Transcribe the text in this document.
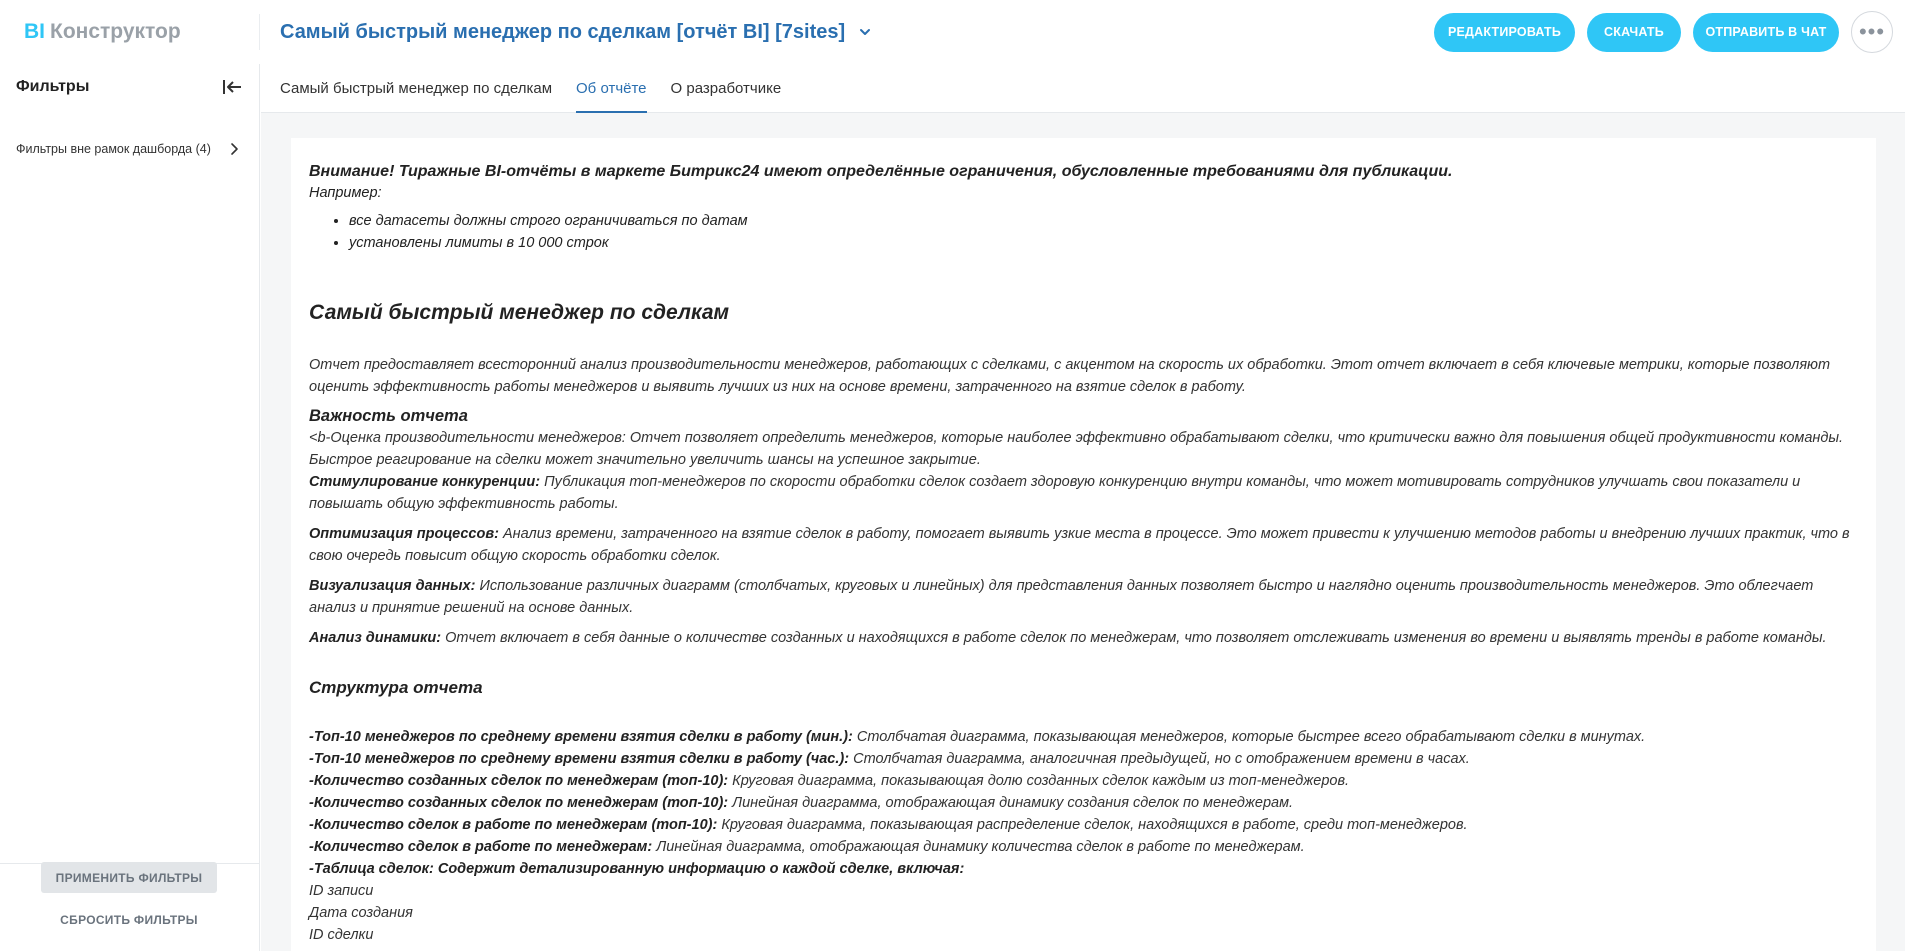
BI Конструктор	Самый быстрый менеджер по сделкам [отчёт BI] [7sites]	РЕДАКТИРОВАТЬ	СКАЧАТЬ	ОТПРАВИТЬ В ЧАТ	•••
Фильтры
Фильтры вне рамок дашборда (4)
ПРИМЕНИТЬ ФИЛЬТРЫ
СБРОСИТЬ ФИЛЬТРЫ
Самый быстрый менеджер по сделкам Об отчёте О разработчике
Внимание! Тиражные BI-отчёты в маркете Битрикс24 имеют определённые ограничения, обусловленные требованиями для публикации.
Например:
• все датасеты должны строго ограничиваться по датам
• установлены лимиты в 10 000 строк
Самый быстрый менеджер по сделкам
Отчет предоставляет всесторонний анализ производительности менеджеров, работающих с сделками, с акцентом на скорость их обработки. Этот отчет включает в себя ключевые метрики, которые позволяют оценить эффективность работы менеджеров и выявить лучших из них на основе времени, затраченного на взятие сделок в работу.
Важность отчета
<b-Оценка производительности менеджеров: Отчет позволяет определить менеджеров, которые наиболее эффективно обрабатывают сделки, что критически важно для повышения общей продуктивности команды. Быстрое реагирование на сделки может значительно увеличить шансы на успешное закрытие.
Стимулирование конкуренции: Публикация топ-менеджеров по скорости обработки сделок создает здоровую конкуренцию внутри команды, что может мотивировать сотрудников улучшать свои показатели и повышать общую эффективность работы.
Оптимизация процессов: Анализ времени, затраченного на взятие сделок в работу, помогает выявить узкие места в процессе. Это может привести к улучшению методов работы и внедрению лучших практик, что в свою очередь повысит общую скорость обработки сделок.
Визуализация данных: Использование различных диаграмм (столбчатых, круговых и линейных) для представления данных позволяет быстро и наглядно оценить производительность менеджеров. Это облегчает анализ и принятие решений на основе данных.
Анализ динамики: Отчет включает в себя данные о количестве созданных и находящихся в работе сделок по менеджерам, что позволяет отслеживать изменения во времени и выявлять тренды в работе команды.
Структура отчета
-Топ-10 менеджеров по среднему времени взятия сделки в работу (мин.): Столбчатая диаграмма, показывающая менеджеров, которые быстрее всего обрабатывают сделки в минутах.
-Топ-10 менеджеров по среднему времени взятия сделки в работу (час.): Столбчатая диаграмма, аналогичная предыдущей, но с отображением времени в часах.
-Количество созданных сделок по менеджерам (топ-10): Круговая диаграмма, показывающая долю созданных сделок каждым из топ-менеджеров.
-Количество созданных сделок по менеджерам (топ-10): Линейная диаграмма, отображающая динамику создания сделок по менеджерам.
-Количество сделок в работе по менеджерам (топ-10): Круговая диаграмма, показывающая распределение сделок, находящихся в работе, среди топ-менеджеров.
-Количество сделок в работе по менеджерам: Линейная диаграмма, отображающая динамику количества сделок в работе по менеджерам.
-Таблица сделок: Содержит детализированную информацию о каждой сделке, включая:
ID записи
Дата создания
ID сделки
